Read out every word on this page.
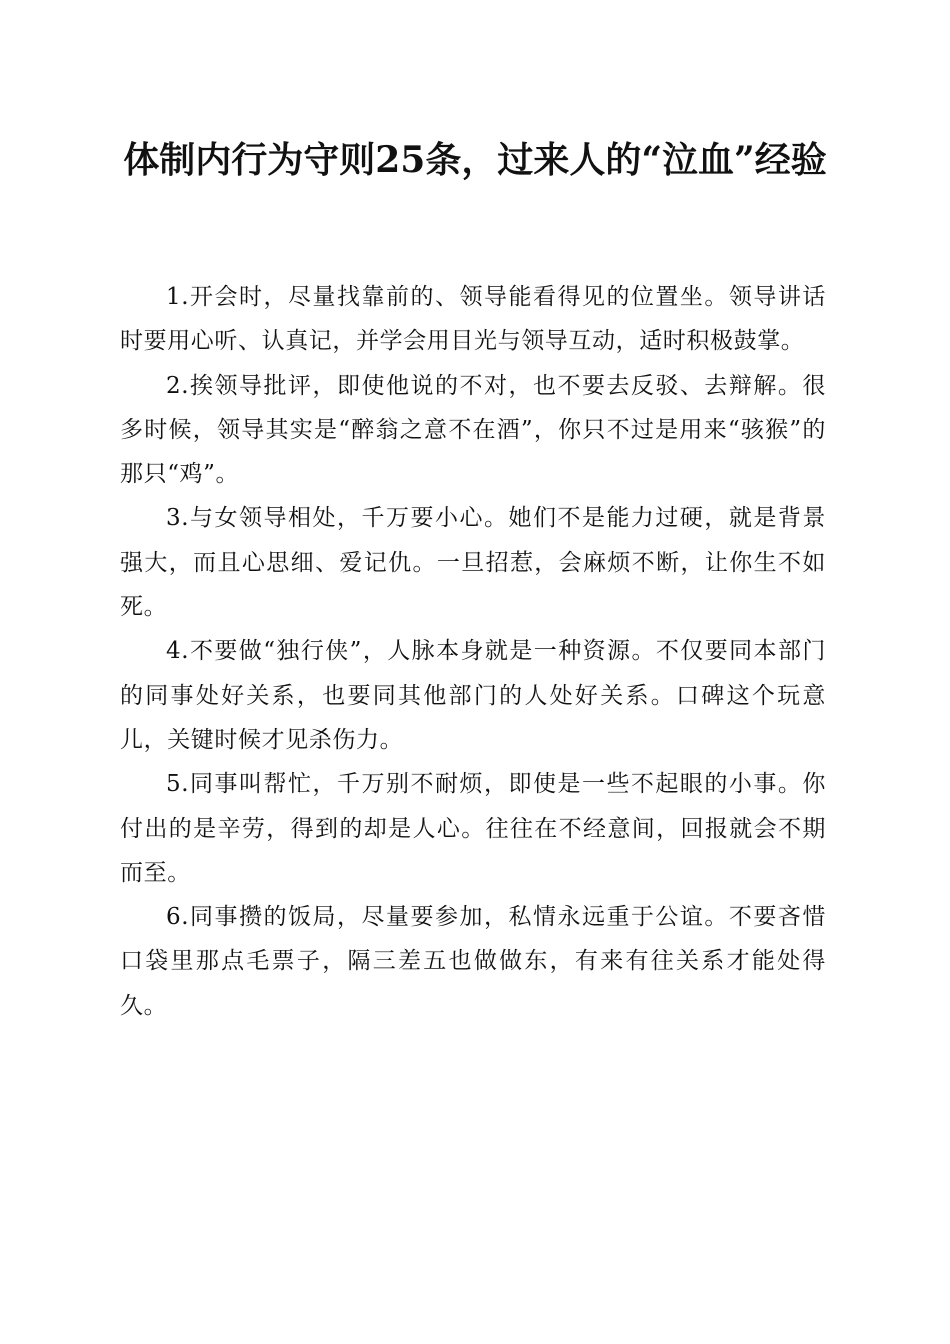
体制内行为守则25条，过来人的“泣血”经验

1.开会时，尽量找靠前的、领导能看得见的位置坐。领导讲话时要用心听、认真记，并学会用目光与领导互动，适时积极鼓掌。

2.挨领导批评，即使他说的不对，也不要去反驳、去辩解。很多时候，领导其实是“醉翁之意不在酒”，你只不过是用来“骇猴”的那只“鸡”。

3.与女领导相处，千万要小心。她们不是能力过硬，就是背景强大，而且心思细、爱记仇。一旦招惹，会麻烦不断，让你生不如死。

4.不要做“独行侠”，人脉本身就是一种资源。不仅要同本部门的同事处好关系，也要同其他部门的人处好关系。口碑这个玩意儿，关键时候才见杀伤力。

5.同事叫帮忙，千万别不耐烦，即使是一些不起眼的小事。你付出的是辛劳，得到的却是人心。往往在不经意间，回报就会不期而至。

6.同事攒的饭局，尽量要参加，私情永远重于公谊。不要吝惜口袋里那点毛票子，隔三差五也做做东，有来有往关系才能处得久。
